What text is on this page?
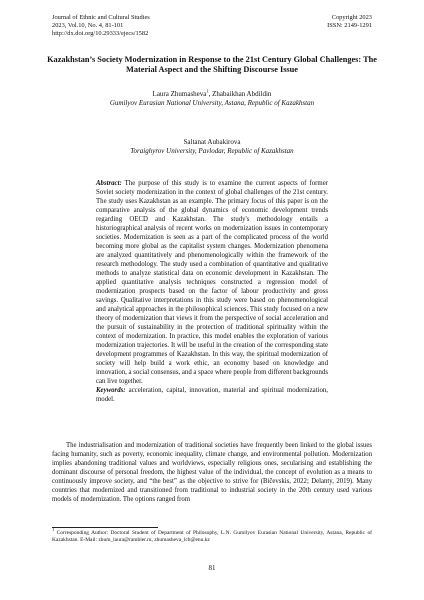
Journal of Ethnic and Cultural Studies
2023, Vol.10, No. 4, 81-101
http://dx.doi.org/10.29333/ejecs/1582
Copyright 2023
ISSN: 2149-1291
Kazakhstan’s Society Modernization in Response to the 21st Century Global Challenges: The Material Aspect and the Shifting Discourse Issue
Laura Zhumasheva$^1$, Zhabaikhan Abdildin
Gumilyov Eurasian National University, Astana, Republic of Kazakhstan
Saltanat Aubakirova
Toraighyrov University, Pavlodar, Republic of Kazakhstan
Abstract: The purpose of this study is to examine the current aspects of former Soviet society modernization in the context of global challenges of the 21st century. The study uses Kazakhstan as an example. The primary focus of this paper is on the comparative analysis of the global dynamics of economic development trends regarding OECD and Kazakhstan. The study's methodology entails a historiographical analysis of recent works on modernization issues in contemporary societies. Modernization is seen as a part of the complicated process of the world becoming more global as the capitalist system changes. Modernization phenomena are analyzed quantitatively and phenomenologically within the framework of the research methodology. The study used a combination of quantitative and qualitative methods to analyze statistical data on economic development in Kazakhstan. The applied quantitative analysis techniques constructed a regression model of modernization prospects based on the factor of labour productivity and gross savings. Qualitative interpretations in this study were based on phenomenological and analytical approaches in the philosophical sciences. This study focused on a new theory of modernization that views it from the perspective of social acceleration and the pursuit of sustainability in the protection of traditional spirituality within the context of modernization. In practice, this model enables the exploration of various modernization trajectories. It will be useful in the creation of the corresponding state development programmes of Kazakhstan. In this way, the spiritual modernization of society will help build a work ethic, an economy based on knowledge and innovation, a social consensus, and a space where people from different backgrounds can live together.
Keywords: acceleration, capital, innovation, material and spiritual modernization, model.
The industrialisation and modernization of traditional societies have frequently been linked to the global issues facing humanity, such as poverty, economic inequality, climate change, and environmental pollution. Modernization implies abandoning traditional values and worldviews, especially religious ones, secularising and establishing the dominant discourse of personal freedom, the highest value of the individual, the concept of evolution as a means to continuously improve society, and “the best” as the objective to strive for (Bičevskis, 2022; Delanty, 2019). Many countries that modernized and transitioned from traditional to industrial society in the 20th century used various models of modernization. The options ranged from
$^1$ Corresponding Author: Doctoral Student of Department of Philosophy, L.N. Gumilyov Eurasian National University, Astana, Republic of Kazakhstan. E-Mail: zhum_laura@rambler.ru, zhumasheva_lch@enu.kz
81
